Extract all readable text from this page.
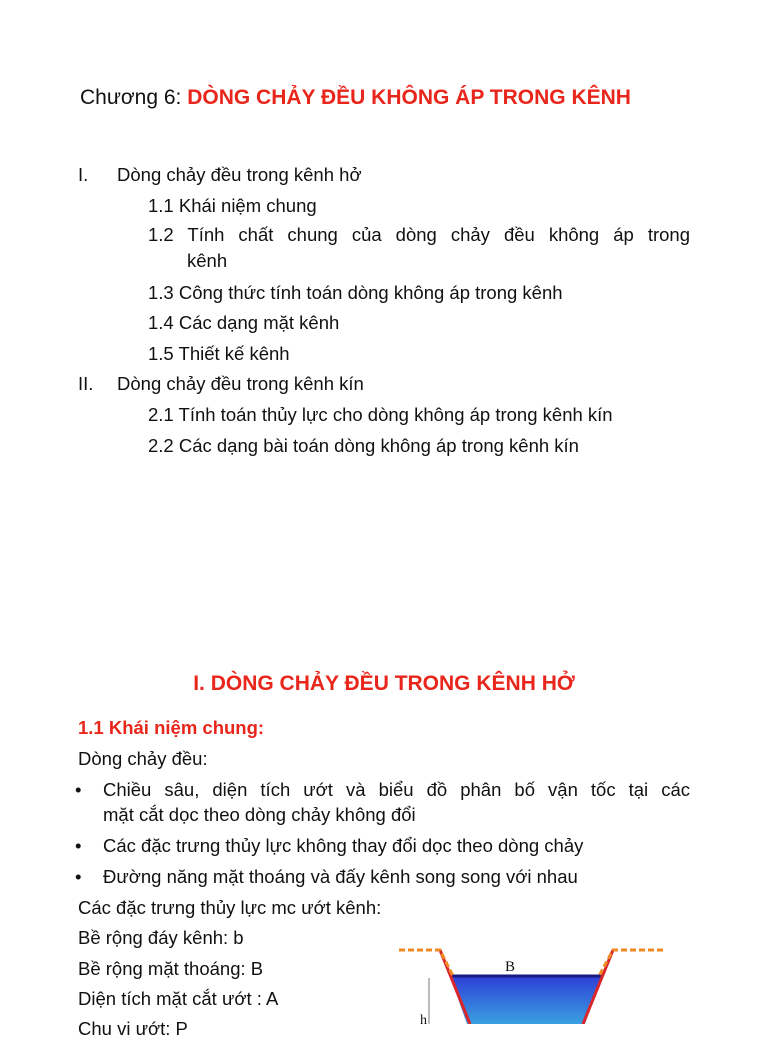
Chương 6: DÒNG CHẢY ĐỀU KHÔNG ÁP TRONG KÊNH
I. Dòng chảy đều trong kênh hở
1.1 Khái niệm chung
1.2 Tính chất chung của dòng chảy đều không áp trong
kênh
1.3 Công thức tính toán dòng không áp trong kênh
1.4 Các dạng mặt kênh
1.5 Thiết kế kênh
II. Dòng chảy đều trong kênh kín
2.1 Tính toán thủy lực cho dòng không áp trong kênh kín
2.2 Các dạng bài toán dòng không áp trong kênh kín
I. DÒNG CHẢY ĐỀU TRONG KÊNH HỞ
1.1 Khái niệm chung:
Dòng chảy đều:
• Chiều sâu, diện tích ướt và biểu đồ phân bố vận tốc tại các
mặt cắt dọc theo dòng chảy không đổi
• Các đặc trưng thủy lực không thay đổi dọc theo dòng chảy
• Đường năng mặt thoáng và đấy kênh song song với nhau
Các đặc trưng thủy lực mc ướt kênh:
Bề rộng đáy kênh: b
Bề rộng mặt thoáng: B
Diện tích mặt cắt ướt : A
Chu vi ướt: P
B
h
